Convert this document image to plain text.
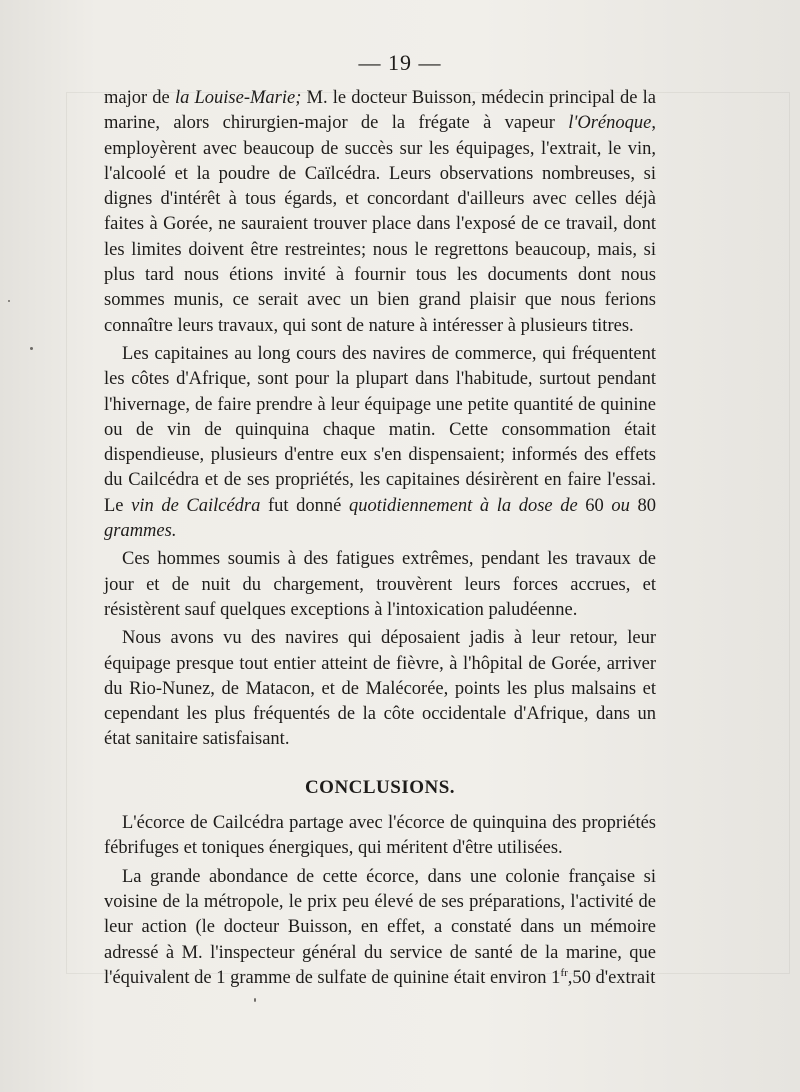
— 19 —

major de la Louise-Marie; M. le docteur Buisson, médecin principal de la marine, alors chirurgien-major de la frégate à vapeur l'Orénoque, employèrent avec beaucoup de succès sur les équipages, l'extrait, le vin, l'alcoolé et la poudre de Caïlcédra. Leurs observations nombreuses, si dignes d'intérêt à tous égards, et concordant d'ailleurs avec celles déjà faites à Gorée, ne sauraient trouver place dans l'exposé de ce travail, dont les limites doivent être restreintes; nous le regrettons beaucoup, mais, si plus tard nous étions invité à fournir tous les documents dont nous sommes munis, ce serait avec un bien grand plaisir que nous ferions connaître leurs travaux, qui sont de nature à intéresser à plusieurs titres.

Les capitaines au long cours des navires de commerce, qui fréquentent les côtes d'Afrique, sont pour la plupart dans l'habitude, surtout pendant l'hivernage, de faire prendre à leur équipage une petite quantité de quinine ou de vin de quinquina chaque matin. Cette consommation était dispendieuse, plusieurs d'entre eux s'en dispensaient; informés des effets du Cailcédra et de ses propriétés, les capitaines désirèrent en faire l'essai. Le vin de Cailcédra fut donné quotidiennement à la dose de 60 ou 80 grammes.

Ces hommes soumis à des fatigues extrêmes, pendant les travaux de jour et de nuit du chargement, trouvèrent leurs forces accrues, et résistèrent sauf quelques exceptions à l'intoxication paludéenne.

Nous avons vu des navires qui déposaient jadis à leur retour, leur équipage presque tout entier atteint de fièvre, à l'hôpital de Gorée, arriver du Rio-Nunez, de Matacon, et de Malécorée, points les plus malsains et cependant les plus fréquentés de la côte occidentale d'Afrique, dans un état sanitaire satisfaisant.

CONCLUSIONS.

L'écorce de Cailcédra partage avec l'écorce de quinquina des propriétés fébrifuges et toniques énergiques, qui méritent d'être utilisées.

La grande abondance de cette écorce, dans une colonie française si voisine de la métropole, le prix peu élevé de ses préparations, l'activité de leur action (le docteur Buisson, en effet, a constaté dans un mémoire adressé à M. l'inspecteur général du service de santé de la marine, que l'équivalent de 1 gramme de sulfate de quinine était environ $1^{fr},50$ d'extrait
